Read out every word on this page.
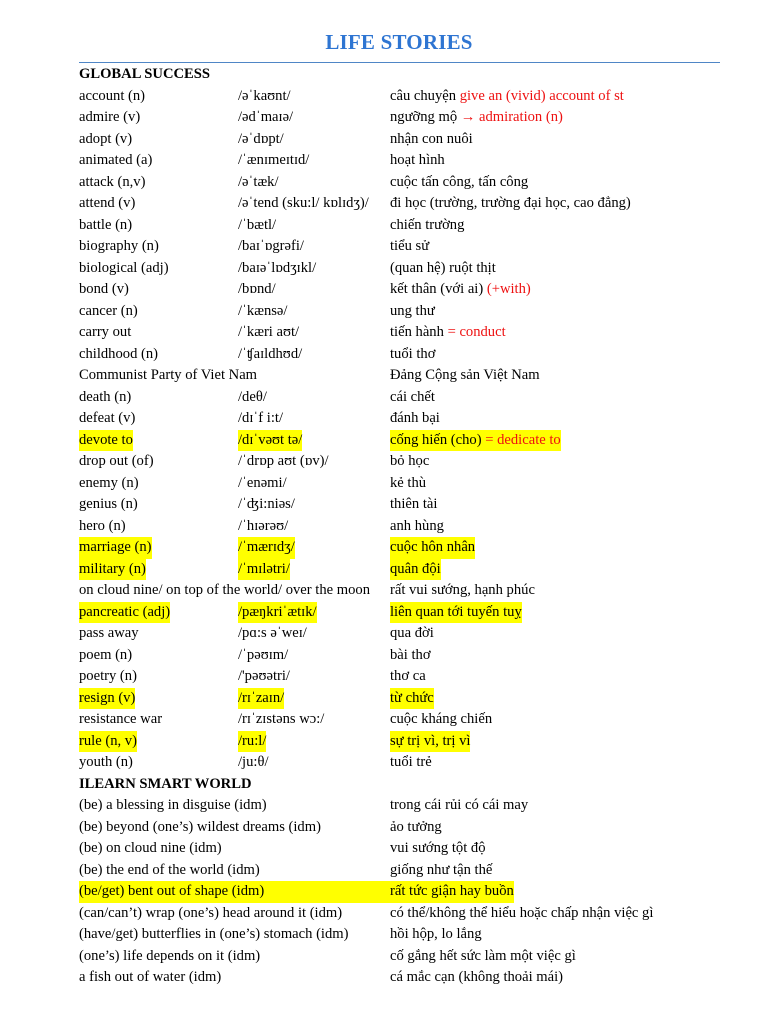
LIFE STORIES
GLOBAL SUCCESS
account (n)	/əˈkaʊnt/	câu chuyện give an (vivid) account of st
admire (v)	/ədˈmaɪə/	ngưỡng mộ → admiration (n)
adopt (v)	/əˈdɒpt/	nhận con nuôi
animated (a)	/ˈænɪmeɪtɪd/	hoạt hình
attack (n,v)	/əˈtæk/	cuộc tấn công, tấn công
attend (v)	/əˈtend (sku:l/ kɒlɪdʒ)/ đi học (trường, trường đại học, cao đẳng)
battle (n)	/ˈbætl/	chiến trường
biography (n)	/baɪˈɒgrəfi/	tiểu sử
biological (adj)	/baɪəˈlɒdʒɪkl/	(quan hệ) ruột thịt
bond (v)	/bɒnd/	kết thân (với ai) (+with)
cancer (n)	/ˈkænsə/	ung thư
carry out	/ˈkæri aʊt/	tiến hành = conduct
childhood (n)	/ˈʧaɪldhʊd/	tuổi thơ
Communist Party of Viet Nam	Đảng Cộng sản Việt Nam
death (n)	/deθ/	cái chết
defeat (v)	/dɪˈf i:t/	đánh bại
devote to	/dɪˈvəʊt tə/	cống hiến (cho) = dedicate to
drop out (of)	/ˈdrɒp aʊt (ɒv)/	bỏ học
enemy (n)	/ˈenəmi/	kẻ thù
genius (n)	/ˈʤi:niəs/	thiên tài
hero (n)	/ˈhɪərəʊ/	anh hùng
marriage (n)	/ˈmærɪdʒ/	cuộc hôn nhân
military (n)	/ˈmɪlətri/	quân đội
on cloud nine/ on top of the world/ over the moon rất vui sướng, hạnh phúc
pancreatic (adj)	/pæŋkriˈætɪk/	liên quan tới tuyến tuỵ
pass away	/pɑ:s əˈweɪ/	qua đời
poem (n)	/ˈpəʊɪm/	bài thơ
poetry (n)	/'pəʊətri/	thơ ca
resign (v)	/rɪˈzaɪn/	từ chức
resistance war	/rɪˈzɪstəns wɔ:/	cuộc kháng chiến
rule (n, v)	/ru:l/	sự trị vì, trị vì
youth (n)	/ju:θ/	tuổi trẻ
ILEARN SMART WORLD
(be) a blessing in disguise (idm)	trong cái rủi có cái may
(be) beyond (one’s) wildest dreams (idm)	ảo tưởng
(be) on cloud nine (idm)	vui sướng tột độ
(be) the end of the world (idm)	giống như tận thế
(be/get) bent out of shape (idm)	rất tức giận hay buồn
(can/can’t) wrap (one’s) head around it (idm)	có thể/không thể hiểu hoặc chấp nhận việc gì
(have/get) butterflies in (one’s) stomach (idm)	hồi hộp, lo lắng
(one’s) life depends on it (idm)	cố gắng hết sức làm một việc gì
a fish out of water (idm)	cá mắc cạn (không thoải mái)
